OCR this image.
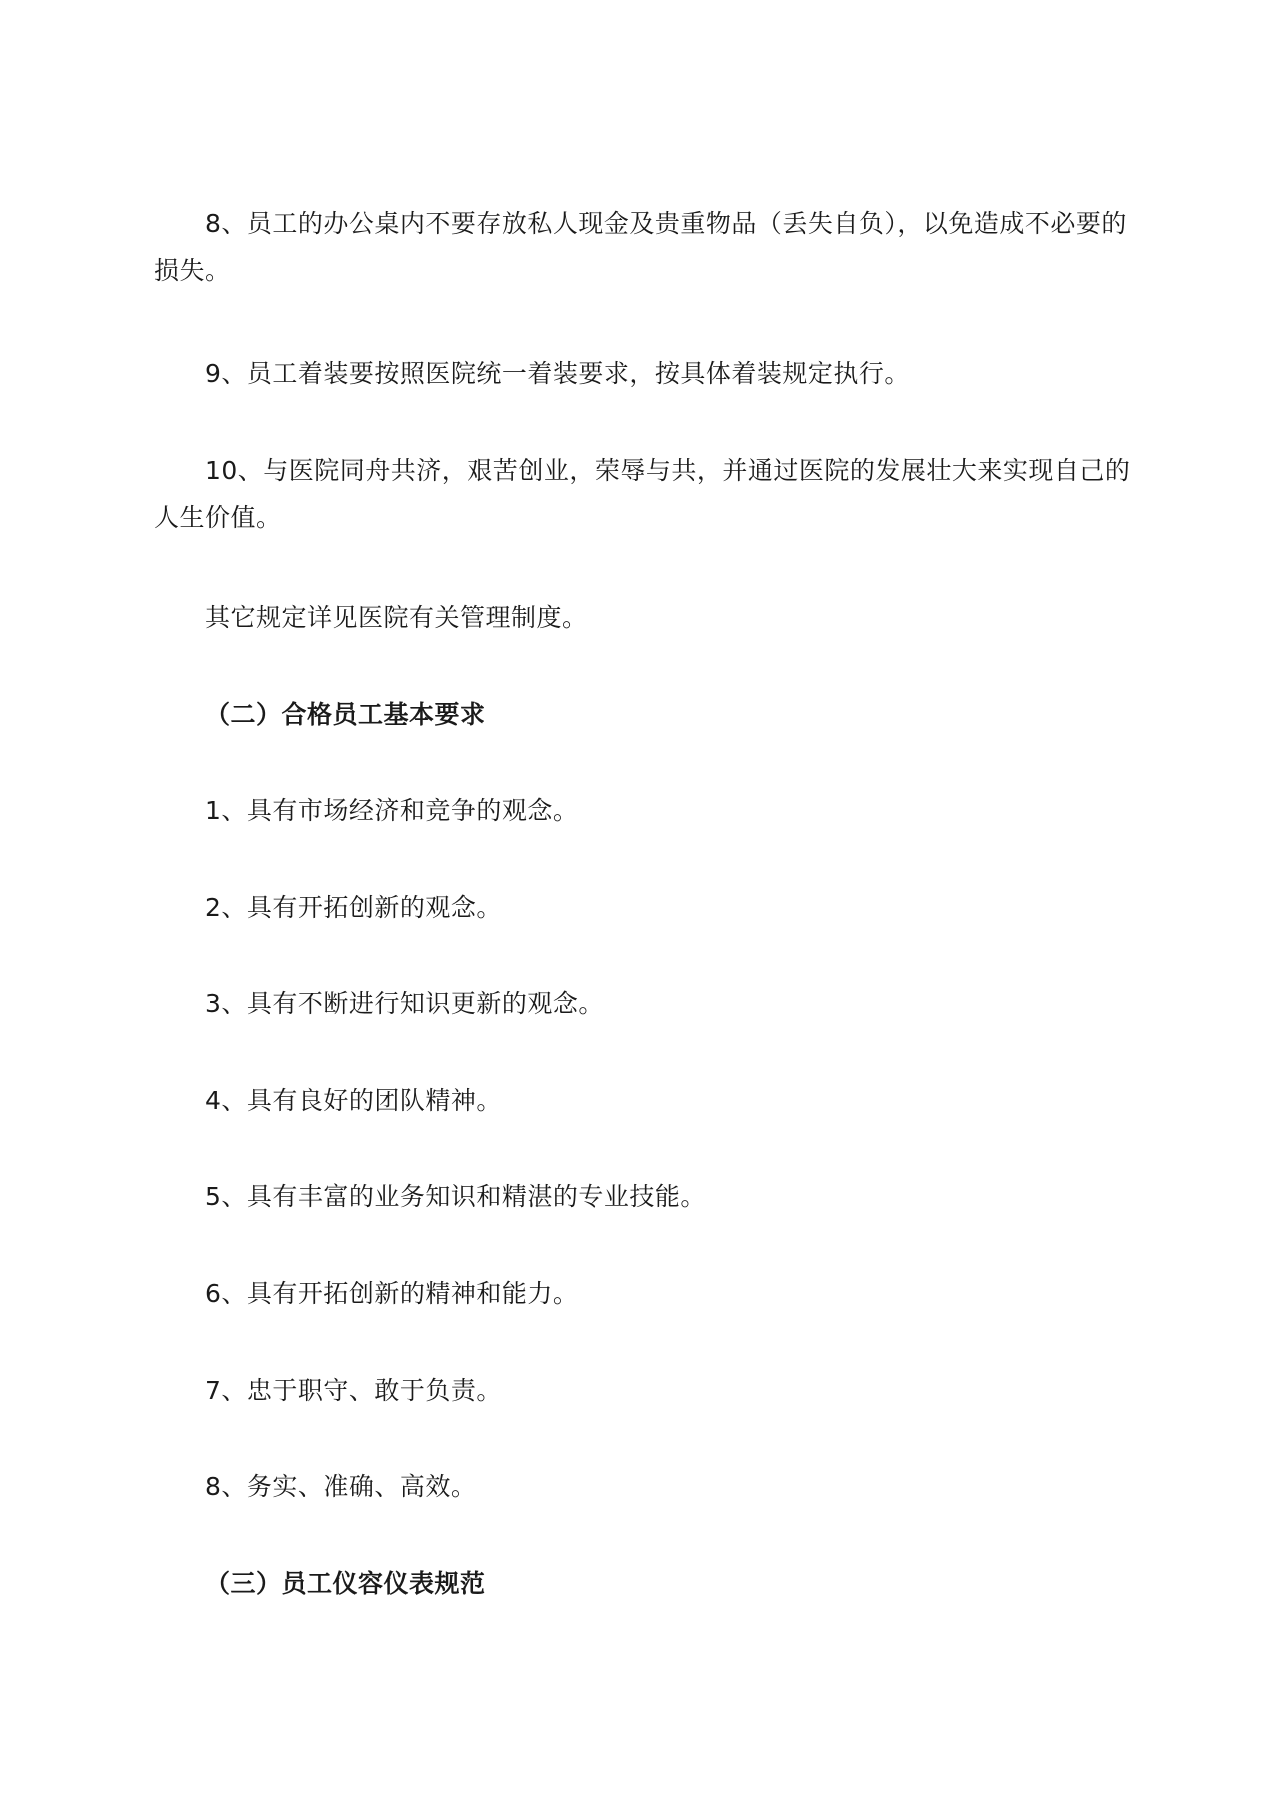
8、员工的办公桌内不要存放私人现金及贵重物品（丢失自负），以免造成不必要的损失。

9、员工着装要按照医院统一着装要求，按具体着装规定执行。

10、与医院同舟共济，艰苦创业，荣辱与共，并通过医院的发展壮大来实现自己的人生价值。

其它规定详见医院有关管理制度。

（二）合格员工基本要求

1、具有市场经济和竞争的观念。

2、具有开拓创新的观念。

3、具有不断进行知识更新的观念。

4、具有良好的团队精神。

5、具有丰富的业务知识和精湛的专业技能。

6、具有开拓创新的精神和能力。

7、忠于职守、敢于负责。

8、务实、准确、高效。

（三）员工仪容仪表规范
